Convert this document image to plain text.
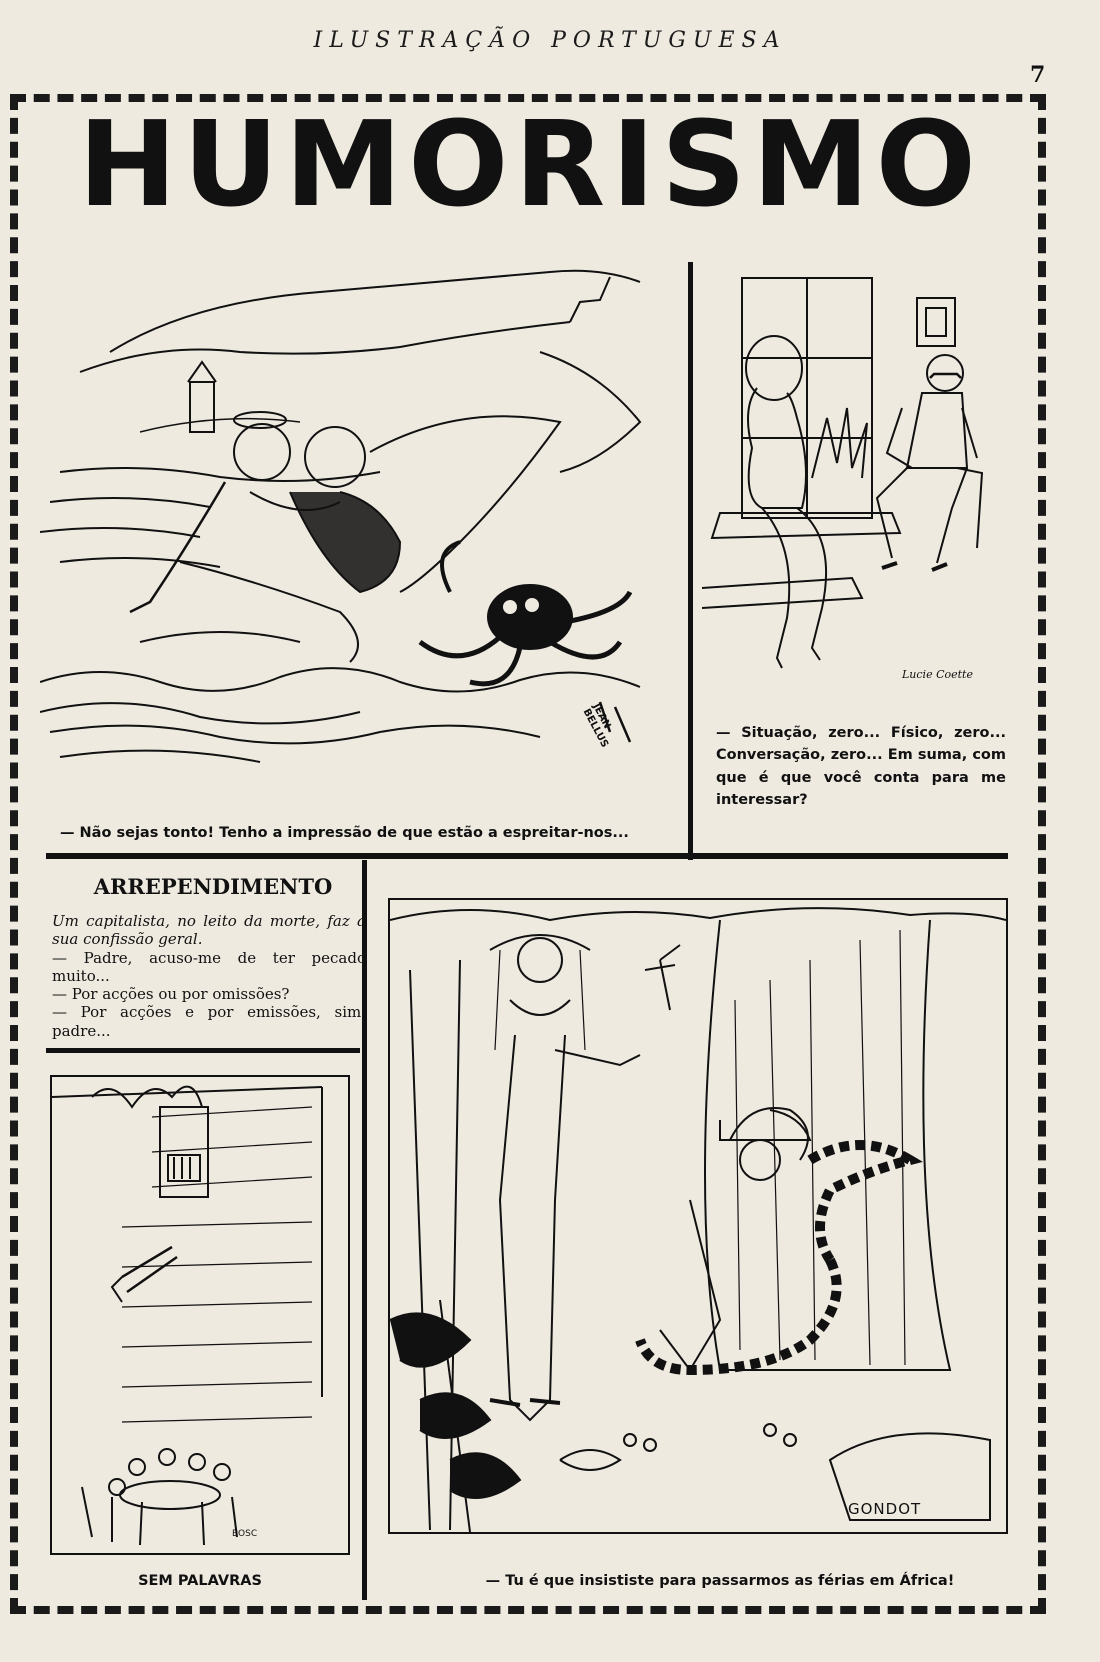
ILUSTRAÇÃO PORTUGUESA
7
HUMORISMO
JEAN BELLUS
— Não sejas tonto! Tenho a impressão de que estão a espreitar-nos...
Lucie Coette
— Situação, zero... Físico, zero... Conversação, zero... Em suma, com que é que você conta para me interessar?
ARREPENDIMENTO

Um capitalista, no leito da morte, faz a sua confissão geral.

— Padre, acuso-me de ter pecado muito...

— Por acções ou por omissões?

— Por acções e por emissões, sim, padre...

BOSC
SEM PALAVRAS
GONDOT
— Tu é que insististe para passarmos as férias em África!
